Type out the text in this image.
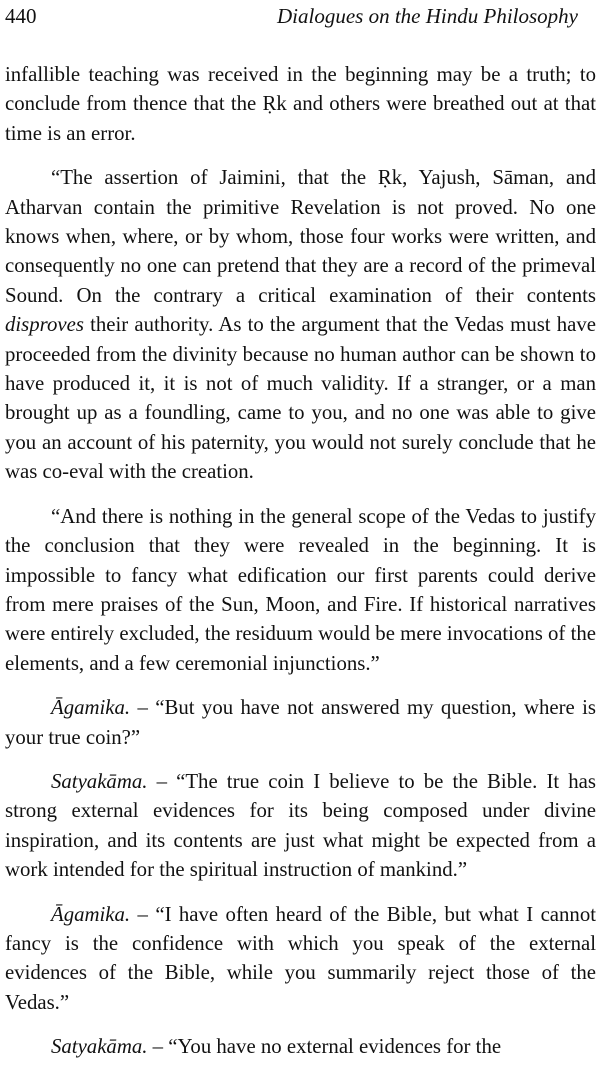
440	Dialogues on the Hindu Philosophy

infallible teaching was received in the beginning may be a truth; to conclude from thence that the Ṛk and others were breathed out at that time is an error.

“The assertion of Jaimini, that the Ṛk, Yajush, Sāman, and Atharvan contain the primitive Revelation is not proved. No one knows when, where, or by whom, those four works were written, and consequently no one can pretend that they are a record of the primeval Sound. On the contrary a critical examination of their contents disproves their authority. As to the argument that the Vedas must have proceeded from the divinity because no human author can be shown to have produced it, it is not of much validity. If a stranger, or a man brought up as a foundling, came to you, and no one was able to give you an account of his paternity, you would not surely conclude that he was co-eval with the creation.

“And there is nothing in the general scope of the Vedas to justify the conclusion that they were revealed in the beginning. It is impossible to fancy what edification our first parents could derive from mere praises of the Sun, Moon, and Fire. If historical narratives were entirely excluded, the residuum would be mere invocations of the elements, and a few ceremonial injunctions.”

Āgamika. – “But you have not answered my question, where is your true coin?”

Satyakāma. – “The true coin I believe to be the Bible. It has strong external evidences for its being composed under divine inspiration, and its contents are just what might be expected from a work intended for the spiritual instruction of mankind.”

Āgamika. – “I have often heard of the Bible, but what I cannot fancy is the confidence with which you speak of the external evidences of the Bible, while you summarily reject those of the Vedas.”

Satyakāma. – “You have no external evidences for the
